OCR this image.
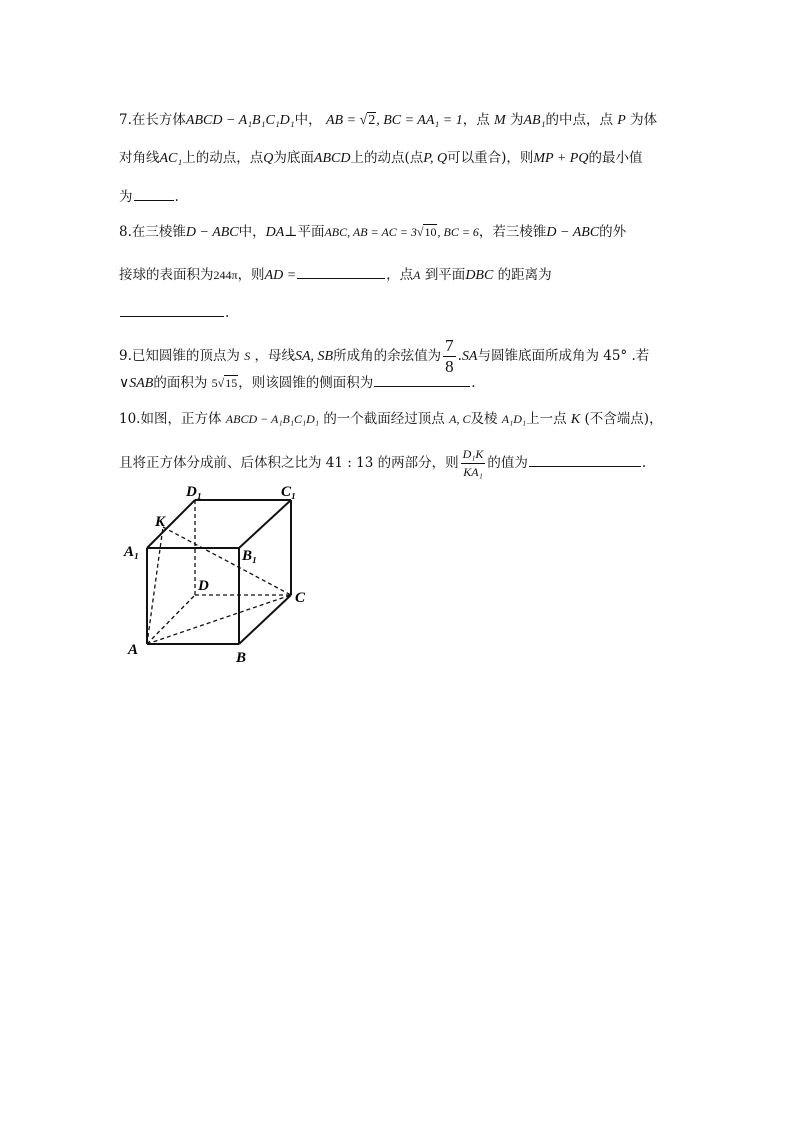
7.在长方体ABCD − A₁B₁C₁D₁中， AB = √2, BC = AA₁ = 1，点 M 为AB₁的中点，点 P 为体
对角线AC₁上的动点，点Q为底面ABCD上的动点(点P, Q可以重合)，则MP + PQ的最小值
为	.
8.在三棱锥D − ABC中，DA⊥平面ABC, AB = AC = 3√10, BC = 6，若三棱锥D − ABC的外
接球的表面积为244π，则AD =	，点A 到平面DBC 的距离为
.
9.已知圆锥的顶点为 S ，母线SA, SB所成角的余弦值为 $\frac{7}{8} .SA$与圆锥底面所成角为 45° .若
∨SAB的面积为 5√15，则该圆锥的侧面积为	.
10.如图，正方体 ABCD − A₁B₁C₁D₁ 的一个截面经过顶点 A, C及棱 A₁D₁上一点 K (不含端点)，
且将正方体分成前、后体积之比为 41 : 13 的两部分，则 $\frac{\text{D₁K}}{\text{KA₁}}$ 的值为	.
A	B
C
D
A₁	B₁
C₁
D₁
K
